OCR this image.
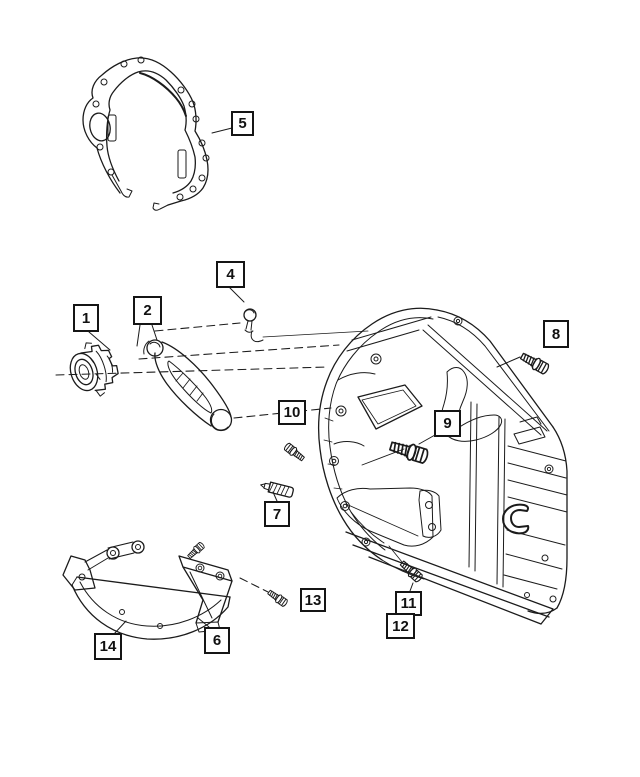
1	2
4
5
6
7
8
9
10
11
12
13
14
